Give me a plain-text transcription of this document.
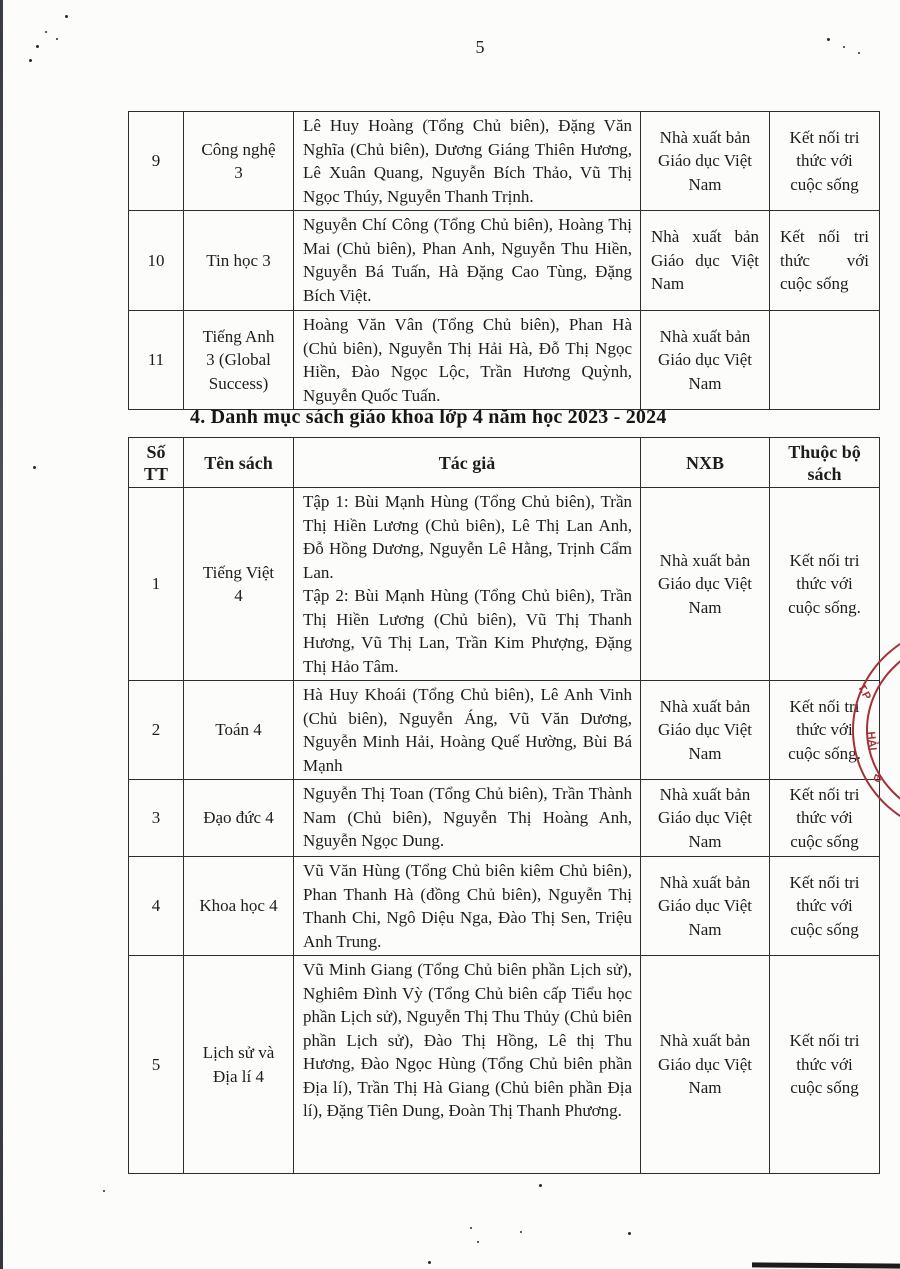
5
9	Công nghệ 3	Lê Huy Hoàng (Tổng Chủ biên), Đặng Văn Nghĩa (Chủ biên), Dương Giáng Thiên Hương, Lê Xuân Quang, Nguyễn Bích Thảo, Vũ Thị Ngọc Thúy, Nguyễn Thanh Trịnh.	Nhà xuất bản Giáo dục Việt Nam	Kết nối tri thức với cuộc sống
10	Tin học 3	Nguyễn Chí Công (Tổng Chủ biên), Hoàng Thị Mai (Chủ biên), Phan Anh, Nguyễn Thu Hiền, Nguyễn Bá Tuấn, Hà Đặng Cao Tùng, Đặng Bích Việt.	Nhà xuất bản Giáo dục Việt Nam	Kết nối tri thức với cuộc sống
11	Tiếng Anh 3 (Global Success)	Hoàng Văn Vân (Tổng Chủ biên), Phan Hà (Chủ biên), Nguyễn Thị Hải Hà, Đỗ Thị Ngọc Hiền, Đào Ngọc Lộc, Trần Hương Quỳnh, Nguyễn Quốc Tuấn.	Nhà xuất bản Giáo dục Việt Nam	
4. Danh mục sách giáo khoa lớp 4 năm học 2023 - 2024
Số TT	Tên sách	Tác giả	NXB	Thuộc bộ sách
1	Tiếng Việt 4	Tập 1: Bùi Mạnh Hùng (Tổng Chủ biên), Trần Thị Hiền Lương (Chủ biên), Lê Thị Lan Anh, Đỗ Hồng Dương, Nguyễn Lê Hằng, Trịnh Cẩm Lan.

Tập 2: Bùi Mạnh Hùng (Tổng Chủ biên), Trần Thị Hiền Lương (Chủ biên), Vũ Thị Thanh Hương, Vũ Thị Lan, Trần Kim Phượng, Đặng Thị Hảo Tâm.	Nhà xuất bản Giáo dục Việt Nam	Kết nối tri thức với cuộc sống.
2	Toán 4	Hà Huy Khoái (Tổng Chủ biên), Lê Anh Vinh (Chủ biên), Nguyễn Áng, Vũ Văn Dương, Nguyễn Minh Hải, Hoàng Quế Hường, Bùi Bá Mạnh	Nhà xuất bản Giáo dục Việt Nam	Kết nối tri thức với cuộc sống.
3	Đạo đức 4	Nguyễn Thị Toan (Tổng Chủ biên), Trần Thành Nam (Chủ biên), Nguyễn Thị Hoàng Anh, Nguyễn Ngọc Dung.	Nhà xuất bản Giáo dục Việt Nam	Kết nối tri thức với cuộc sống
4	Khoa học 4	Vũ Văn Hùng (Tổng Chủ biên kiêm Chủ biên), Phan Thanh Hà (đồng Chủ biên), Nguyễn Thị Thanh Chi, Ngô Diệu Nga, Đào Thị Sen, Triệu Anh Trung.	Nhà xuất bản Giáo dục Việt Nam	Kết nối tri thức với cuộc sống
5	Lịch sử và Địa lí 4	Vũ Minh Giang (Tổng Chủ biên phần Lịch sử), Nghiêm Đình Vỳ (Tổng Chủ biên cấp Tiểu học phần Lịch sử), Nguyễn Thị Thu Thủy (Chủ biên phần Lịch sử), Đào Thị Hồng, Lê thị Thu Hương, Đào Ngọc Hùng (Tổng Chủ biên phần Địa lí), Trần Thị Hà Giang (Chủ biên phần Địa lí), Đặng Tiên Dung, Đoàn Thị Thanh Phương.	Nhà xuất bản Giáo dục Việt Nam	Kết nối tri thức với cuộc sống
T.P
HẢI
Đ
